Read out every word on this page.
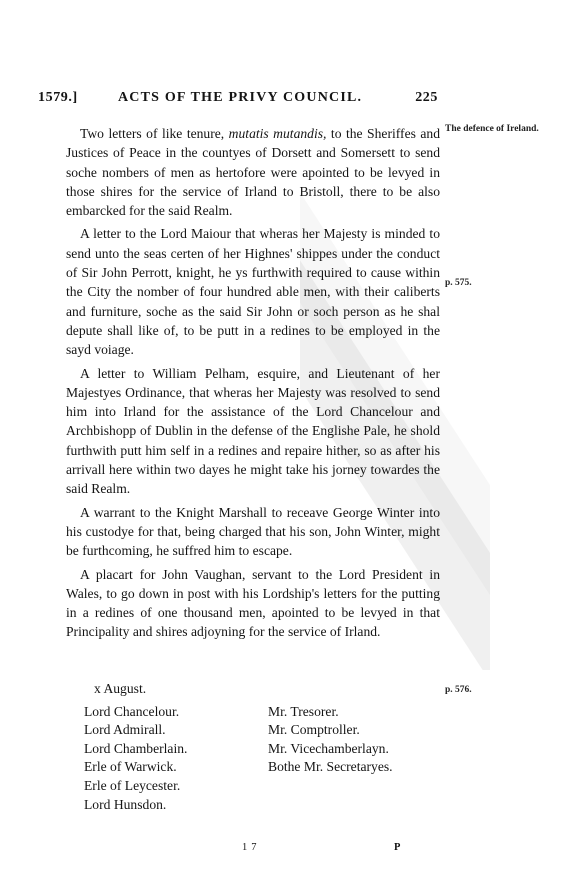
1579.]	ACTS OF THE PRIVY COUNCIL.	225
The defence of Ireland.
p. 575.
p. 576.

Two letters of like tenure, mutatis mutandis, to the Sheriffes and Justices of Peace in the countyes of Dorsett and Somersett to send soche nombers of men as hertofore were apointed to be levyed in those shires for the service of Irland to Bristoll, there to be also embarcked for the said Realm.

A letter to the Lord Maiour that wheras her Majesty is minded to send unto the seas certen of her Highnes' shippes under the conduct of Sir John Perrott, knight, he ys furthwith required to cause within the City the nomber of four hundred able men, with their caliberts and furniture, soche as the said Sir John or soch person as he shal depute shall like of, to be putt in a redines to be employed in the sayd voiage.

A letter to William Pelham, esquire, and Lieutenant of her Majestyes Ordinance, that wheras her Majesty was resolved to send him into Irland for the assistance of the Lord Chancelour and Archbishopp of Dublin in the defense of the Englishe Pale, he shold furthwith putt him self in a redines and repaire hither, so as after his arrivall here within two dayes he might take his jorney towardes the said Realm.

A warrant to the Knight Marshall to receave George Winter into his custodye for that, being charged that his son, John Winter, might be furthcoming, he suffred him to escape.

A placart for John Vaughan, servant to the Lord President in Wales, to go down in post with his Lordship's letters for the putting in a redines of one thousand men, apointed to be levyed in that Principality and shires adjoyning for the service of Irland.

x August.
Lord Chancelour.
Lord Admirall.
Lord Chamberlain.
Erle of Warwick.
Erle of Leycester.
Lord Hunsdon.
Mr. Tresorer.
Mr. Comptroller.
Mr. Vicechamberlayn.
Bothe Mr. Secretaryes.
17	P
